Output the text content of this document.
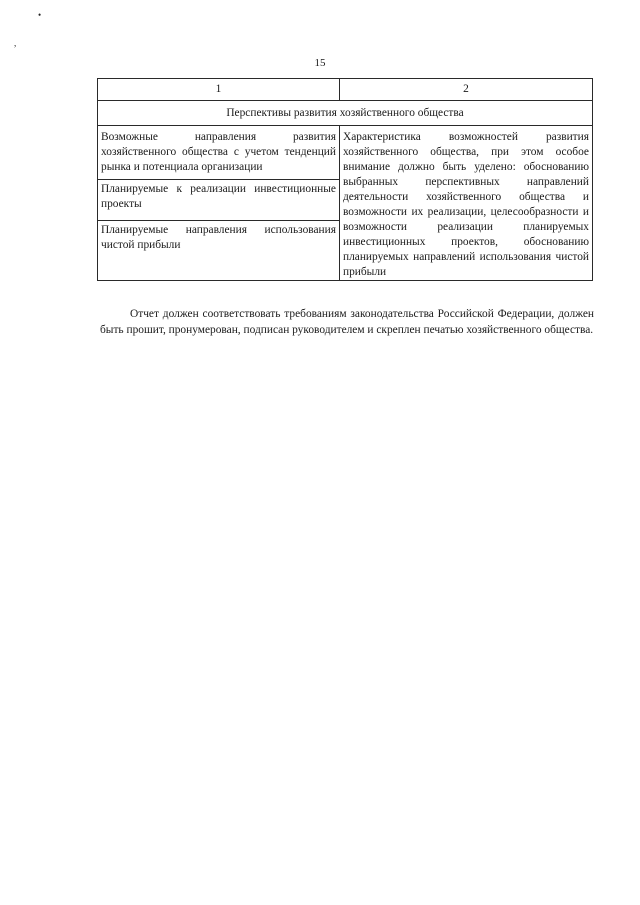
•
,
15
1	2
Перспективы развития хозяйственного общества	
Возможные направления развития хозяйственного общества с учетом тенденций рынка и потенциала организации	Характеристика возможностей развития хозяйственного общества, при этом особое внимание должно быть уделено: обоснованию выбранных перспективных направлений деятельности хозяйственного общества и возможности их реализации, целесообразности и возможности реализации планируемых инвестиционных проектов, обоснованию планируемых направлений использования чистой прибыли
Планируемые к реализации инвестиционные проекты	
Планируемые направления использования чистой прибыли	

Отчет должен соответствовать требованиям законодательства Российской Федерации, должен быть прошит, пронумерован, подписан руководителем и скреплен печатью хозяйственного общества.
